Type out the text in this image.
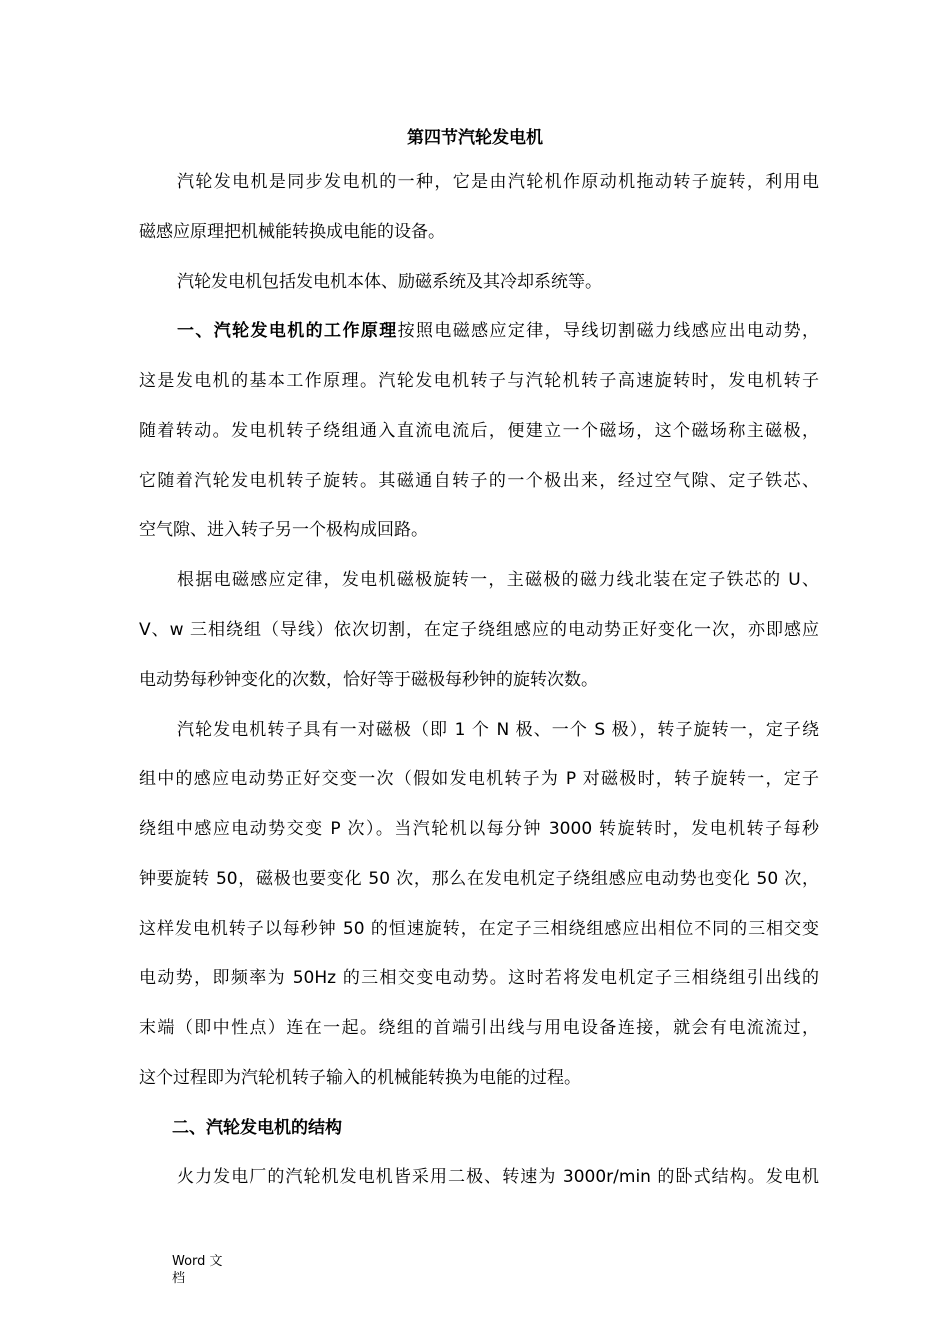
第四节汽轮发电机
汽轮发电机是同步发电机的一种，它是由汽轮机作原动机拖动转子旋转，利用电
磁感应原理把机械能转换成电能的设备。
汽轮发电机包括发电机本体、励磁系统及其冷却系统等。
一、汽轮发电机的工作原理按照电磁感应定律，导线切割磁力线感应出电动势，
这是发电机的基本工作原理。汽轮发电机转子与汽轮机转子高速旋转时，发电机转子
随着转动。发电机转子绕组通入直流电流后，便建立一个磁场，这个磁场称主磁极，
它随着汽轮发电机转子旋转。其磁通自转子的一个极出来，经过空气隙、定子铁芯、
空气隙、进入转子另一个极构成回路。
根据电磁感应定律，发电机磁极旋转一，主磁极的磁力线北装在定子铁芯的 U、
V、w 三相绕组（导线）依次切割，在定子绕组感应的电动势正好变化一次，亦即感应
电动势每秒钟变化的次数，恰好等于磁极每秒钟的旋转次数。
汽轮发电机转子具有一对磁极（即 1 个 N 极、一个 S 极），转子旋转一，定子绕
组中的感应电动势正好交变一次（假如发电机转子为 P 对磁极时，转子旋转一，定子
绕组中感应电动势交变 P 次）。当汽轮机以每分钟 3000 转旋转时，发电机转子每秒
钟要旋转 50，磁极也要变化 50 次，那么在发电机定子绕组感应电动势也变化 50 次，
这样发电机转子以每秒钟 50 的恒速旋转，在定子三相绕组感应出相位不同的三相交变
电动势，即频率为 50Hz 的三相交变电动势。这时若将发电机定子三相绕组引出线的
末端（即中性点）连在一起。绕组的首端引出线与用电设备连接，就会有电流流过，
这个过程即为汽轮机转子输入的机械能转换为电能的过程。
二、汽轮发电机的结构
火力发电厂的汽轮机发电机皆采用二极、转速为 3000r/min 的卧式结构。发电机
Word 文
档
